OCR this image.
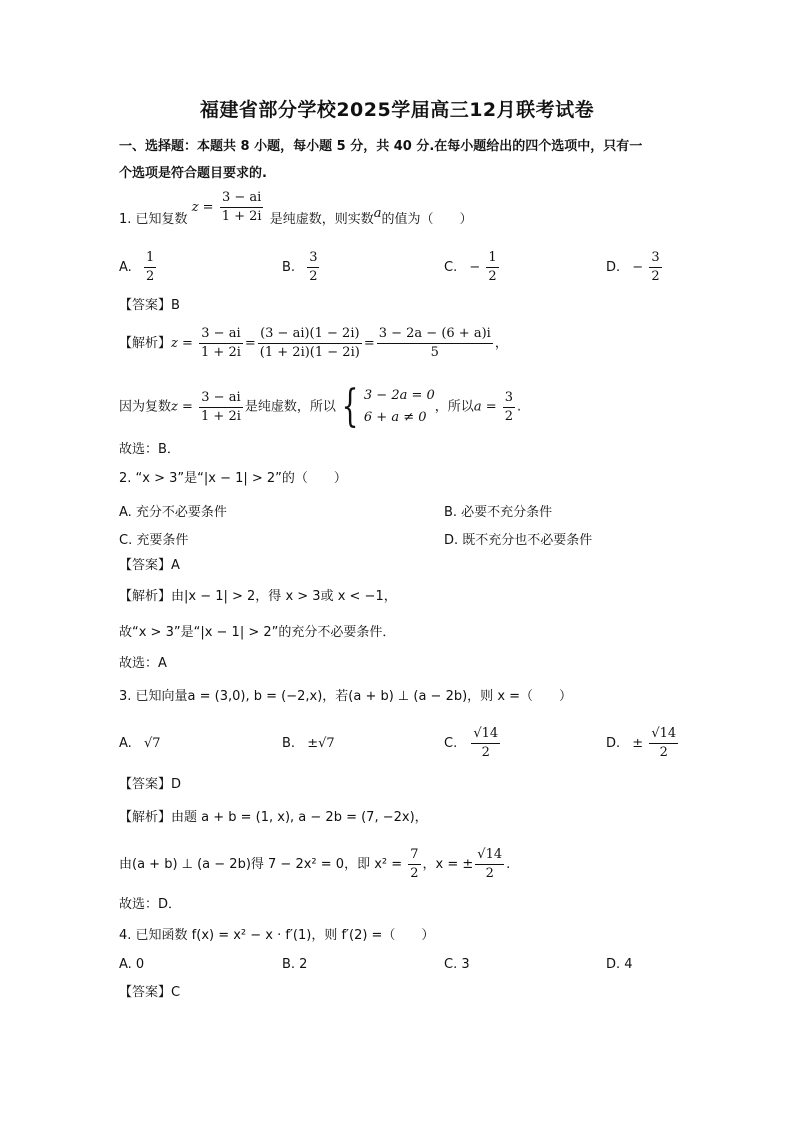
福建省部分学校2025学届高三12月联考试卷
一、选择题：本题共 8 小题，每小题 5 分，共 40 分.在每小题给出的四个选项中，只有一
个选项是符合题目要求的.
1. 已知复数 $z = \frac{3 - ai}{1 + 2i}$ 是纯虚数，则实数a的值为（　　）
A. $\frac{1}{2}$	B. $\frac{3}{2}$	C. − $\frac{1}{2}$	D. − $\frac{3}{2}$
【答案】B
【解析】$z = \frac{3 - ai}{1 + 2i} = \frac{(3 - ai)(1 - 2i)}{(1 + 2i)(1 - 2i)} = \frac{3 - 2a - (6 + a)i}{5}$ ，
因为复数$z = \frac{3 - ai}{1 + 2i}$ 是纯虚数，所以 { 3 − 2a = 0
6 + a ≠ 0
，所以$a = \frac{3}{2}$ .
故选：B．
2. “x > 3”是“|x − 1| > 2”的（　　）
A. 充分不必要条件	B. 必要不充分条件
C. 充要条件	D. 既不充分也不必要条件
【答案】A
【解析】由|x − 1| > 2，得 x > 3或 x < −1，
故“x > 3”是“|x − 1| > 2”的充分不必要条件．
故选：A
3. 已知向量a = (3,0), b = (−2,x)，若(a + b) ⊥ (a − 2b)，则 x =（　　）
A. √7	B. ±√7	C. $\frac{√14}{2}$	D. ± $\frac{√14}{2}$
【答案】D
【解析】由题 a + b = (1, x), a − 2b = (7, −2x)，
由(a + b) ⊥ (a − 2b)得 7 − 2x² = 0，即 $x^2 = \frac{7}{2}$ ，x = ± $\frac{√14}{2}$ .
故选：D．
4. 已知函数 f(x) = x² − x · f′(1)，则 f′(2) =（　　）
A. 0	B. 2	C. 3	D. 4
【答案】C
